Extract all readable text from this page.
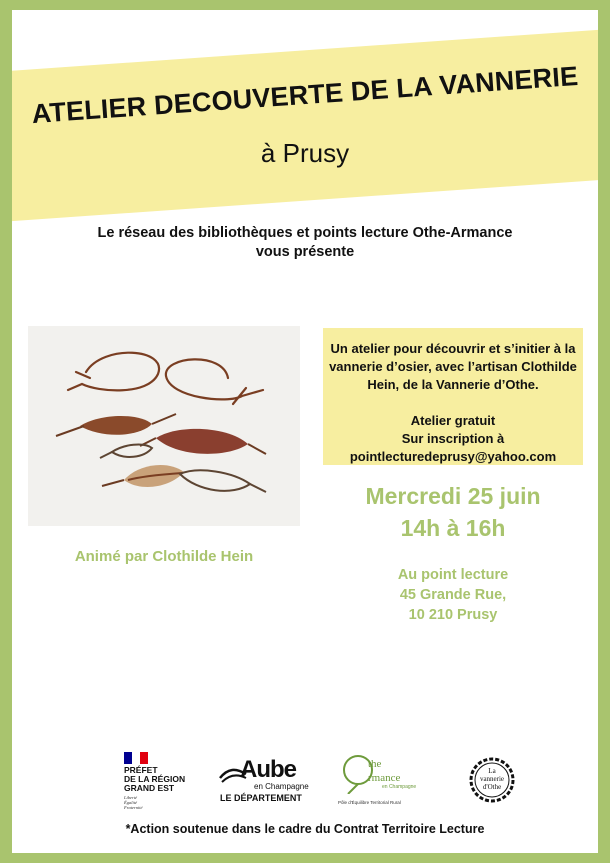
ATELIER DECOUVERTE DE LA VANNERIE
à Prusy
Le réseau des bibliothèques et points lecture Othe-Armance
vous présente
Animé par Clothilde Hein
Un atelier pour découvrir et s’initier à la
vannerie d’osier, avec l’artisan Clothilde
Hein, de la Vannerie d’Othe.
Atelier gratuit
Sur inscription à
pointlecturedeprusy@yahoo.com
Mercredi 25 juin
14h à 16h
Au point lecture
45 Grande Rue,
10 210 Prusy
PRÉFET
DE LA RÉGION
GRAND EST
Liberté
Égalité
Fraternité
Aube
en Champagne
LE DÉPARTEMENT
the
rmance
en Champagne
Pôle d'Équilibre Territorial Rural
La
vannerie
d'Othe
*Action soutenue dans le cadre du Contrat Territoire Lecture
